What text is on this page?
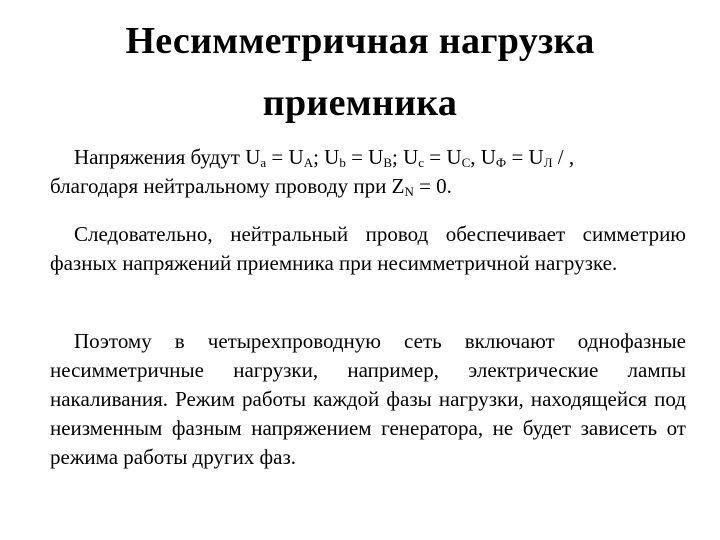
Несимметричная нагрузка
приемника
Напряжения будут $U_a = U_A$; $U_b = U_B$; $U_c = U_C$, $U_Ф = U_Л$ / ,
благодаря нейтральному проводу при $Z_N = 0$.
Следовательно, нейтральный провод обеспечивает симметрию фазных напряжений приемника при несимметричной нагрузке.
Поэтому в четырехпроводную сеть включают однофазные несимметричные нагрузки, например, электрические лампы накаливания. Режим работы каждой фазы нагрузки, находящейся под неизменным фазным напряжением генератора, не будет зависеть от режима работы других фаз.
